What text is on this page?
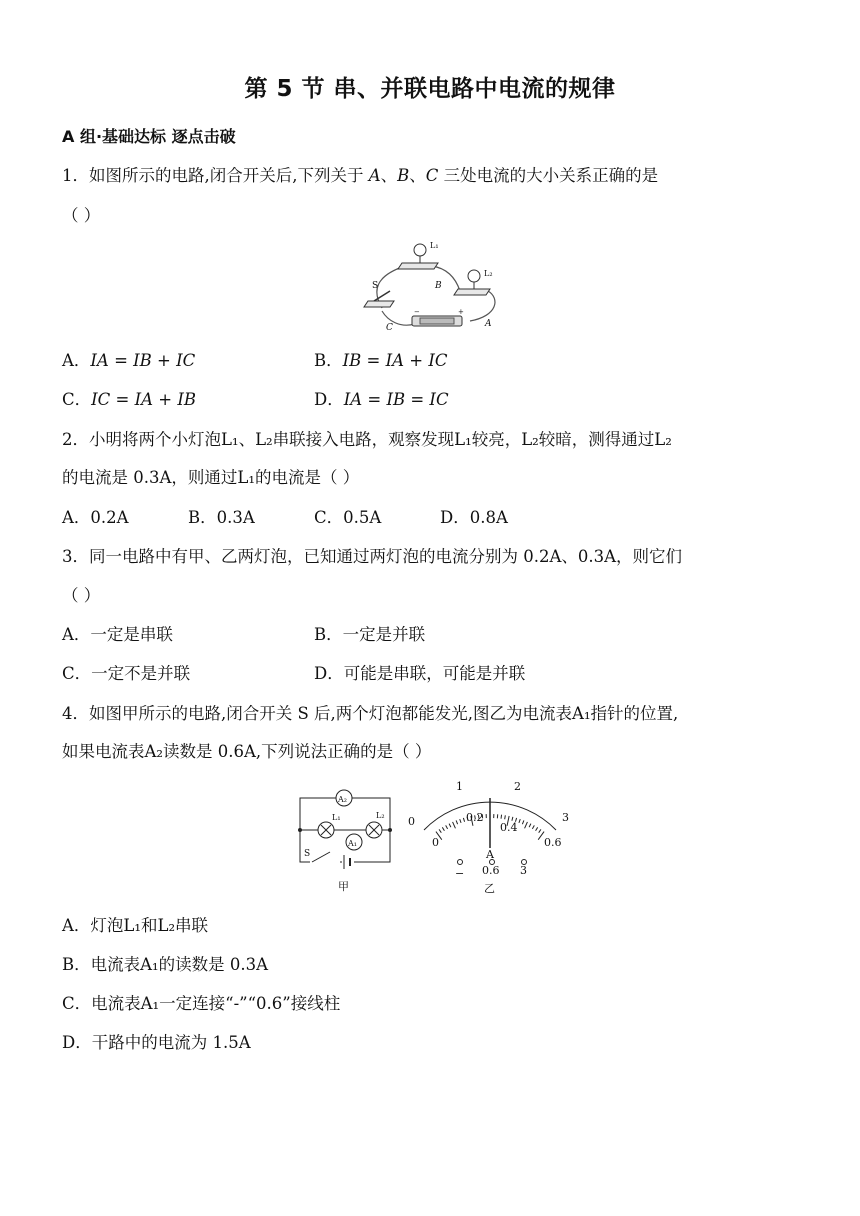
第 5 节 串、并联电路中电流的规律
A 组·基础达标 逐点击破
1．如图所示的电路,闭合开关后,下列关于 𝐴、𝐵、𝐶 三处电流的大小关系正确的是
（ ）
L₁
L₂
S
−	+
A
B
C
A．𝐼𝐴 = 𝐼𝐵 + 𝐼𝐶	B．𝐼𝐵 = 𝐼𝐴 + 𝐼𝐶
C．𝐼𝐶 = 𝐼𝐴 + 𝐼𝐵	D．𝐼𝐴 = 𝐼𝐵 = 𝐼𝐶
2．小明将两个小灯泡L₁、L₂串联接入电路，观察发现L₁较亮，L₂较暗，测得通过L₂
的电流是 0.3A，则通过L₁的电流是（ ）
A．0.2A	B．0.3A	C．0.5A	D．0.8A
3．同一电路中有甲、乙两灯泡，已知通过两灯泡的电流分别为 0.2A、0.3A，则它们
（ ）
A．一定是串联	B．一定是并联
C．一定不是并联	D．可能是串联，可能是并联
4．如图甲所示的电路,闭合开关 S 后,两个灯泡都能发光,图乙为电流表A₁指针的位置,
如果电流表A₂读数是 0.6A,下列说法正确的是（ ）
A₂
L₁
A₁
L₂
S
甲
0
1	2
3
0
0.2
0.4
0.6
A
− 0.6 3
乙
A．灯泡L₁和L₂串联
B．电流表A₁的读数是 0.3A
C．电流表A₁一定连接“-”“0.6”接线柱
D．干路中的电流为 1.5A
